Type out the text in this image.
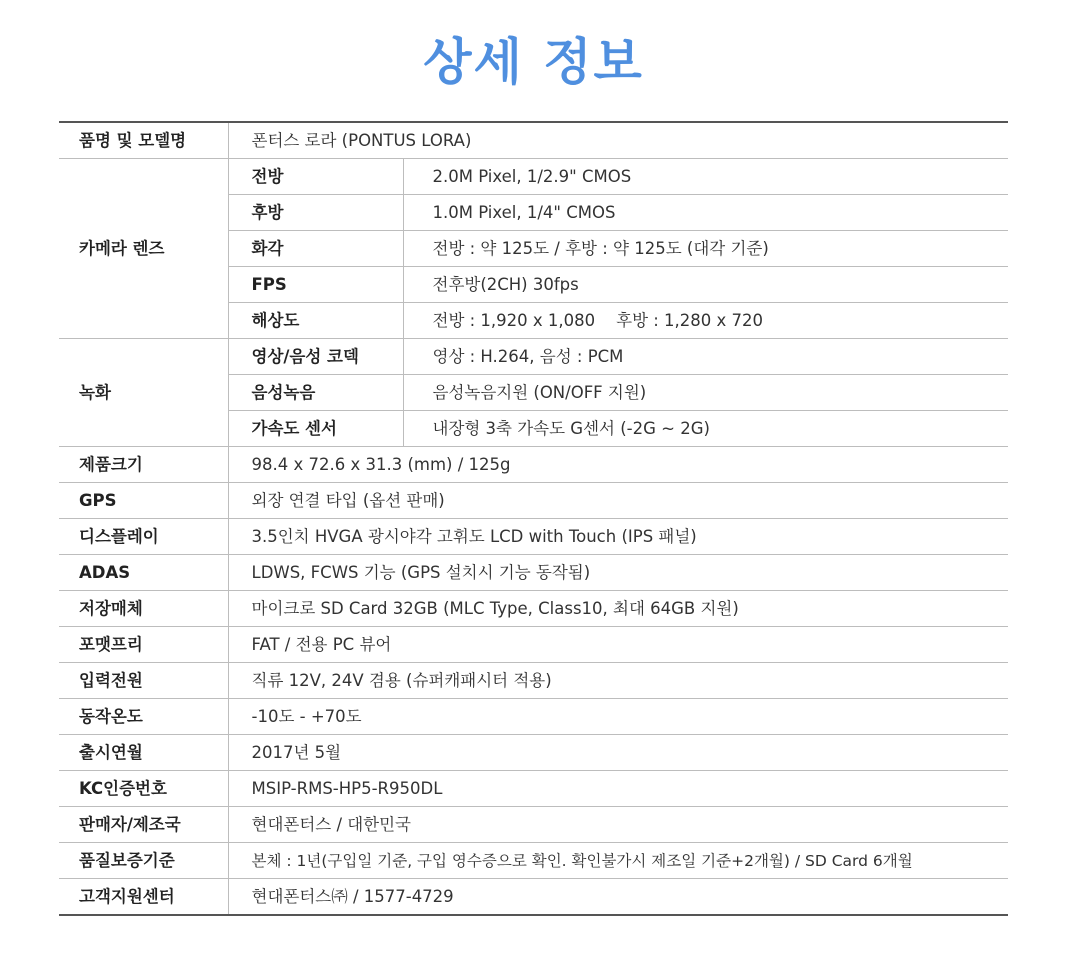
상세 정보
품명 및 모델명	폰터스 로라 (PONTUS LORA)	
카메라 렌즈	전방	2.0M Pixel, 1/2.9" CMOS
	후방	1.0M Pixel, 1/4" CMOS
	화각	전방 : 약 125도 / 후방 : 약 125도 (대각 기준)
	FPS	전후방(2CH) 30fps
	해상도	전방 : 1,920 x 1,080    후방 : 1,280 x 720
녹화	영상/음성 코덱	영상 : H.264, 음성 : PCM
	음성녹음	음성녹음지원 (ON/OFF 지원)
	가속도 센서	내장형 3축 가속도 G센서 (-2G ~ 2G)
제품크기	98.4 x 72.6 x 31.3 (mm) / 125g	
GPS	외장 연결 타입 (옵션 판매)	
디스플레이	3.5인치 HVGA 광시야각 고휘도 LCD with Touch (IPS 패널)	
ADAS	LDWS, FCWS 기능 (GPS 설치시 기능 동작됨)	
저장매체	마이크로 SD Card 32GB (MLC Type, Class10, 최대 64GB 지원)	
포맷프리	FAT / 전용 PC 뷰어	
입력전원	직류 12V, 24V 겸용 (슈퍼캐패시터 적용)	
동작온도	-10도 - +70도	
출시연월	2017년 5월	
KC인증번호	MSIP-RMS-HP5-R950DL	
판매자/제조국	현대폰터스 / 대한민국	
품질보증기준	본체 : 1년(구입일 기준, 구입 영수증으로 확인. 확인불가시 제조일 기준+2개월) / SD Card 6개월	
고객지원센터	현대폰터스㈜ / 1577-4729	
